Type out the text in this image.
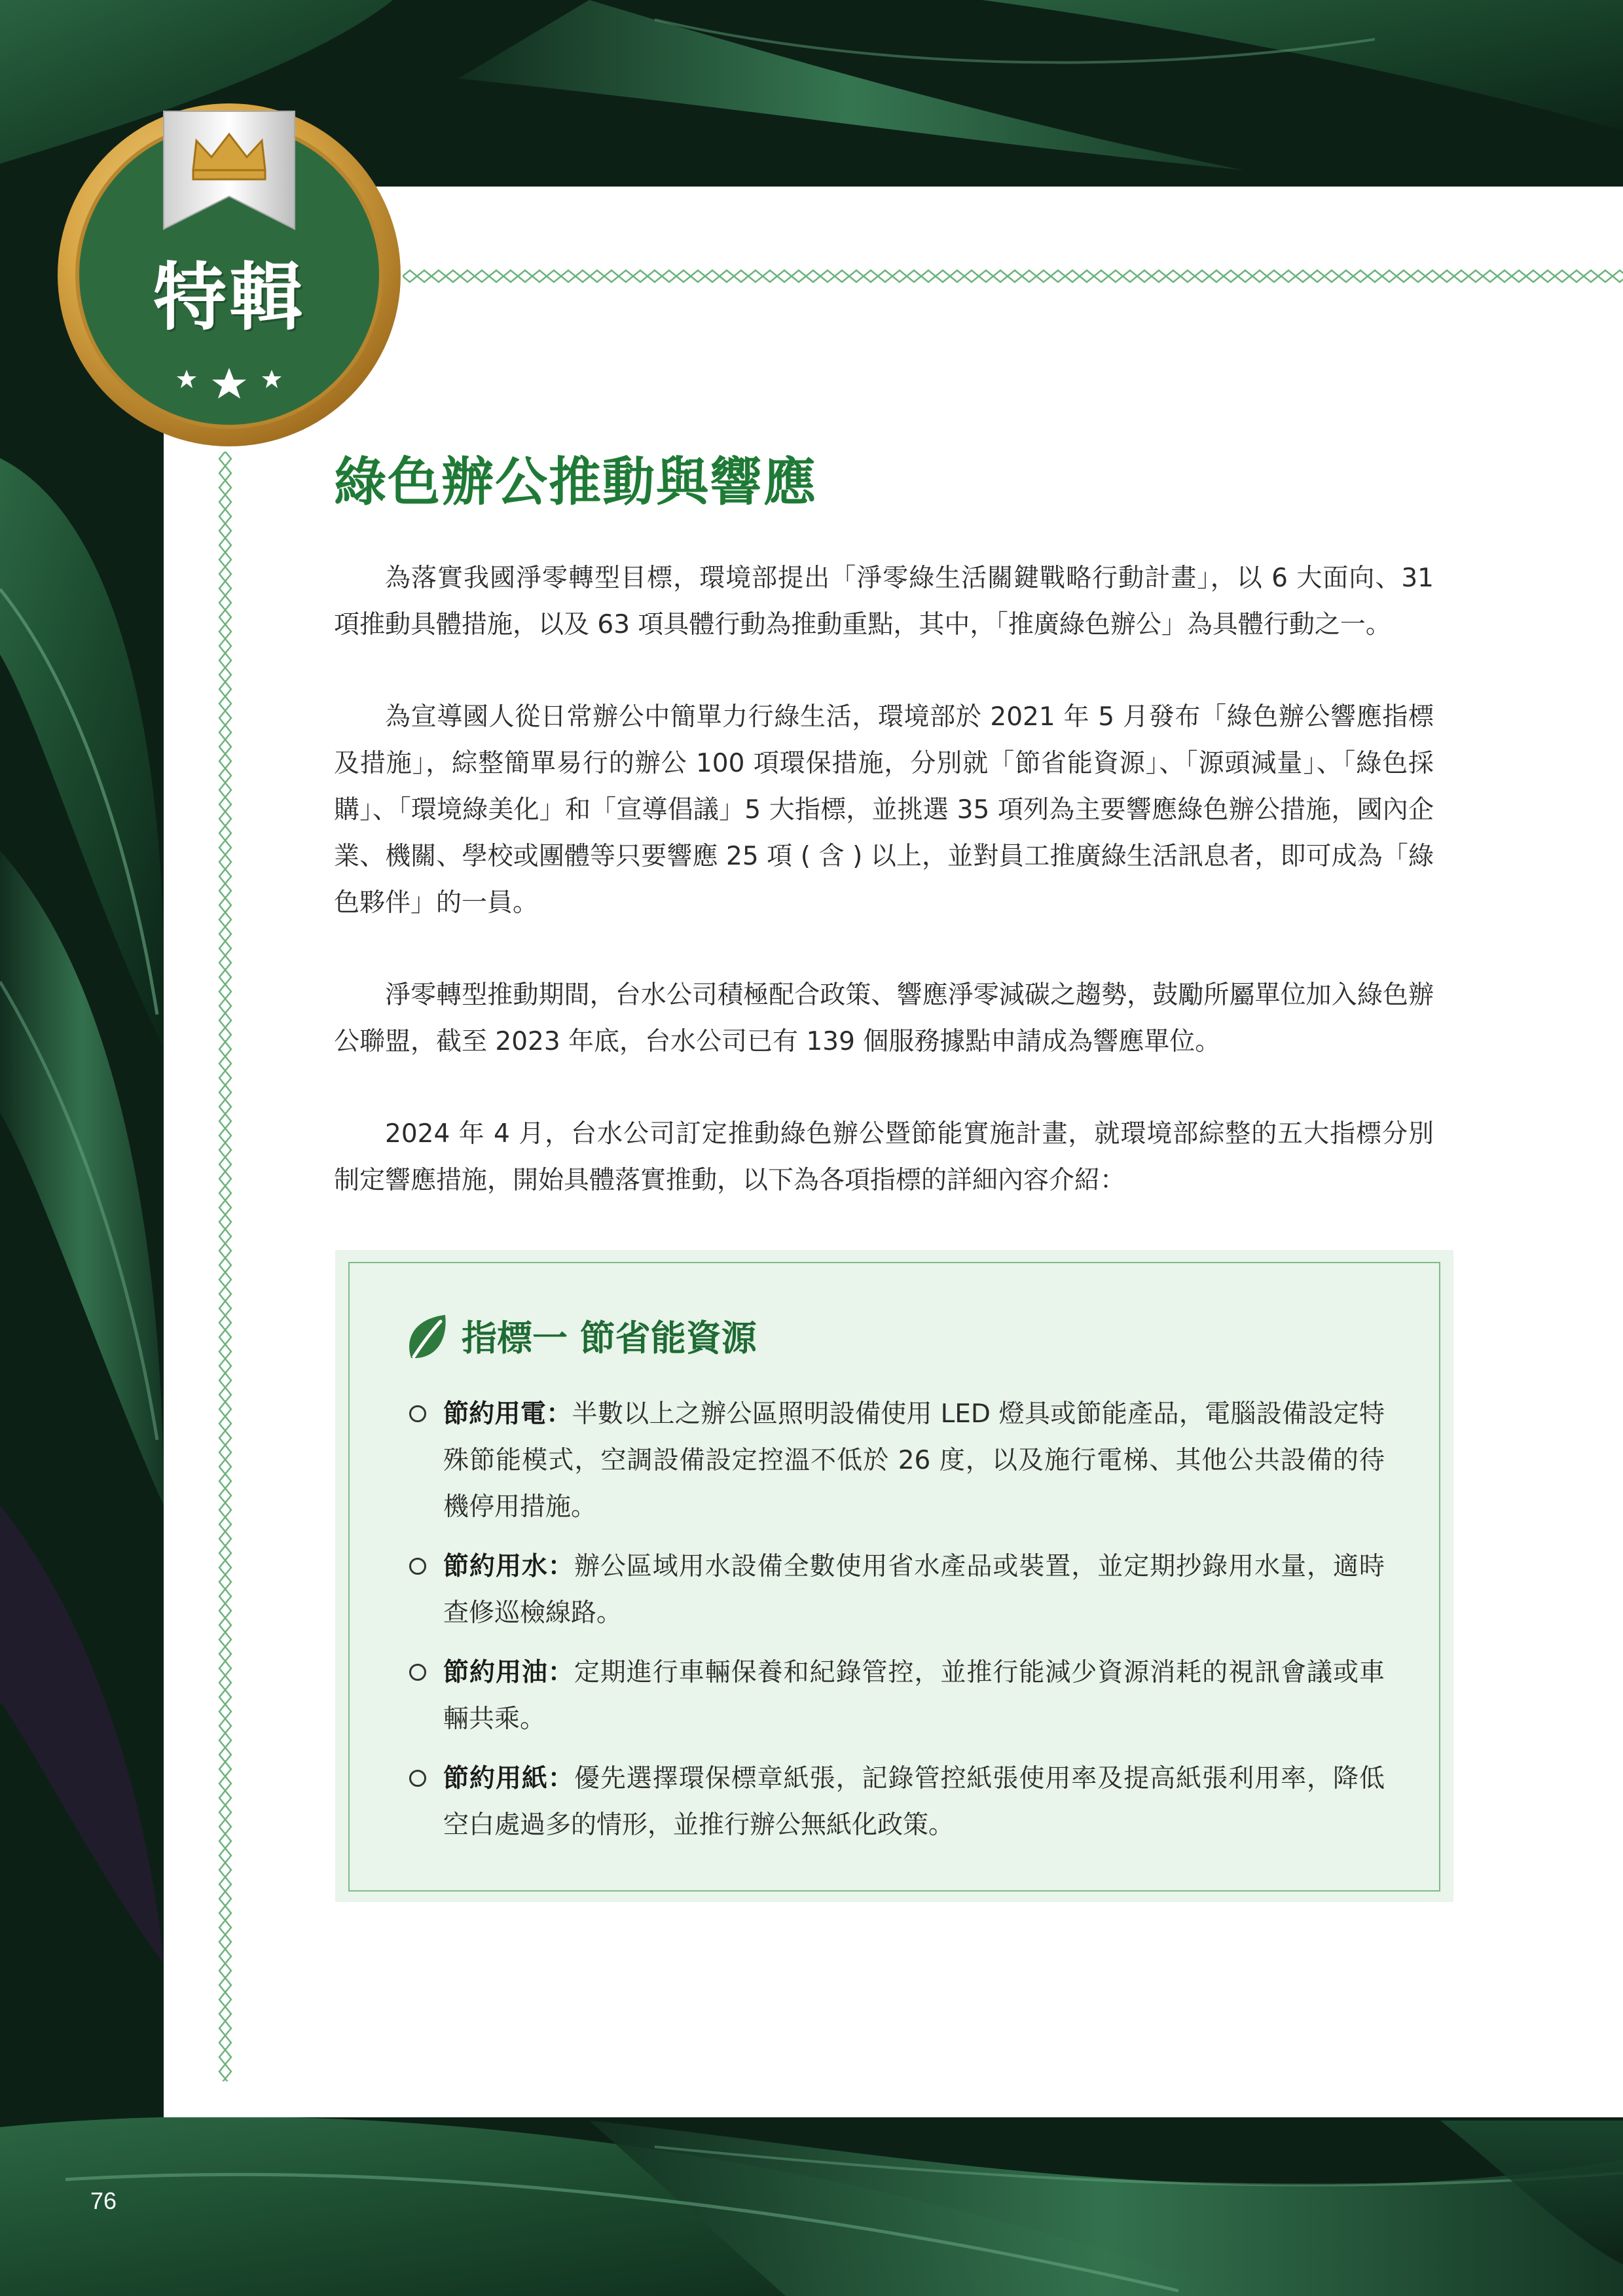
特輯
綠色辦公推動與響應

為落實我國淨零轉型目標，環境部提出「淨零綠生活關鍵戰略行動計畫」，以 6 大面向、31 項推動具體措施，以及 63 項具體行動為推動重點，其中，「推廣綠色辦公」為具體行動之一。

為宣導國人從日常辦公中簡單力行綠生活，環境部於 2021 年 5 月發布「綠色辦公響應指標及措施」，綜整簡單易行的辦公 100 項環保措施，分別就「節省能資源」、「源頭減量」、「綠色採購」、「環境綠美化」和「宣導倡議」5 大指標，並挑選 35 項列為主要響應綠色辦公措施，國內企業、機關、學校或團體等只要響應 25 項 ( 含 ) 以上，並對員工推廣綠生活訊息者，即可成為「綠色夥伴」的一員。

淨零轉型推動期間，台水公司積極配合政策、響應淨零減碳之趨勢，鼓勵所屬單位加入綠色辦公聯盟，截至 2023 年底，台水公司已有 139 個服務據點申請成為響應單位。

2024 年 4 月，台水公司訂定推動綠色辦公暨節能實施計畫，就環境部綜整的五大指標分別制定響應措施，開始具體落實推動，以下為各項指標的詳細內容介紹：

指標一 節省能資源
節約用電：半數以上之辦公區照明設備使用 LED 燈具或節能產品，電腦設備設定特殊節能模式，空調設備設定控溫不低於 26 度，以及施行電梯、其他公共設備的待機停用措施。
節約用水：辦公區域用水設備全數使用省水產品或裝置，並定期抄錄用水量，適時查修巡檢線路。
節約用油：定期進行車輛保養和紀錄管控，並推行能減少資源消耗的視訊會議或車輛共乘。
節約用紙：優先選擇環保標章紙張，記錄管控紙張使用率及提高紙張利用率，降低空白處過多的情形，並推行辦公無紙化政策。
76
